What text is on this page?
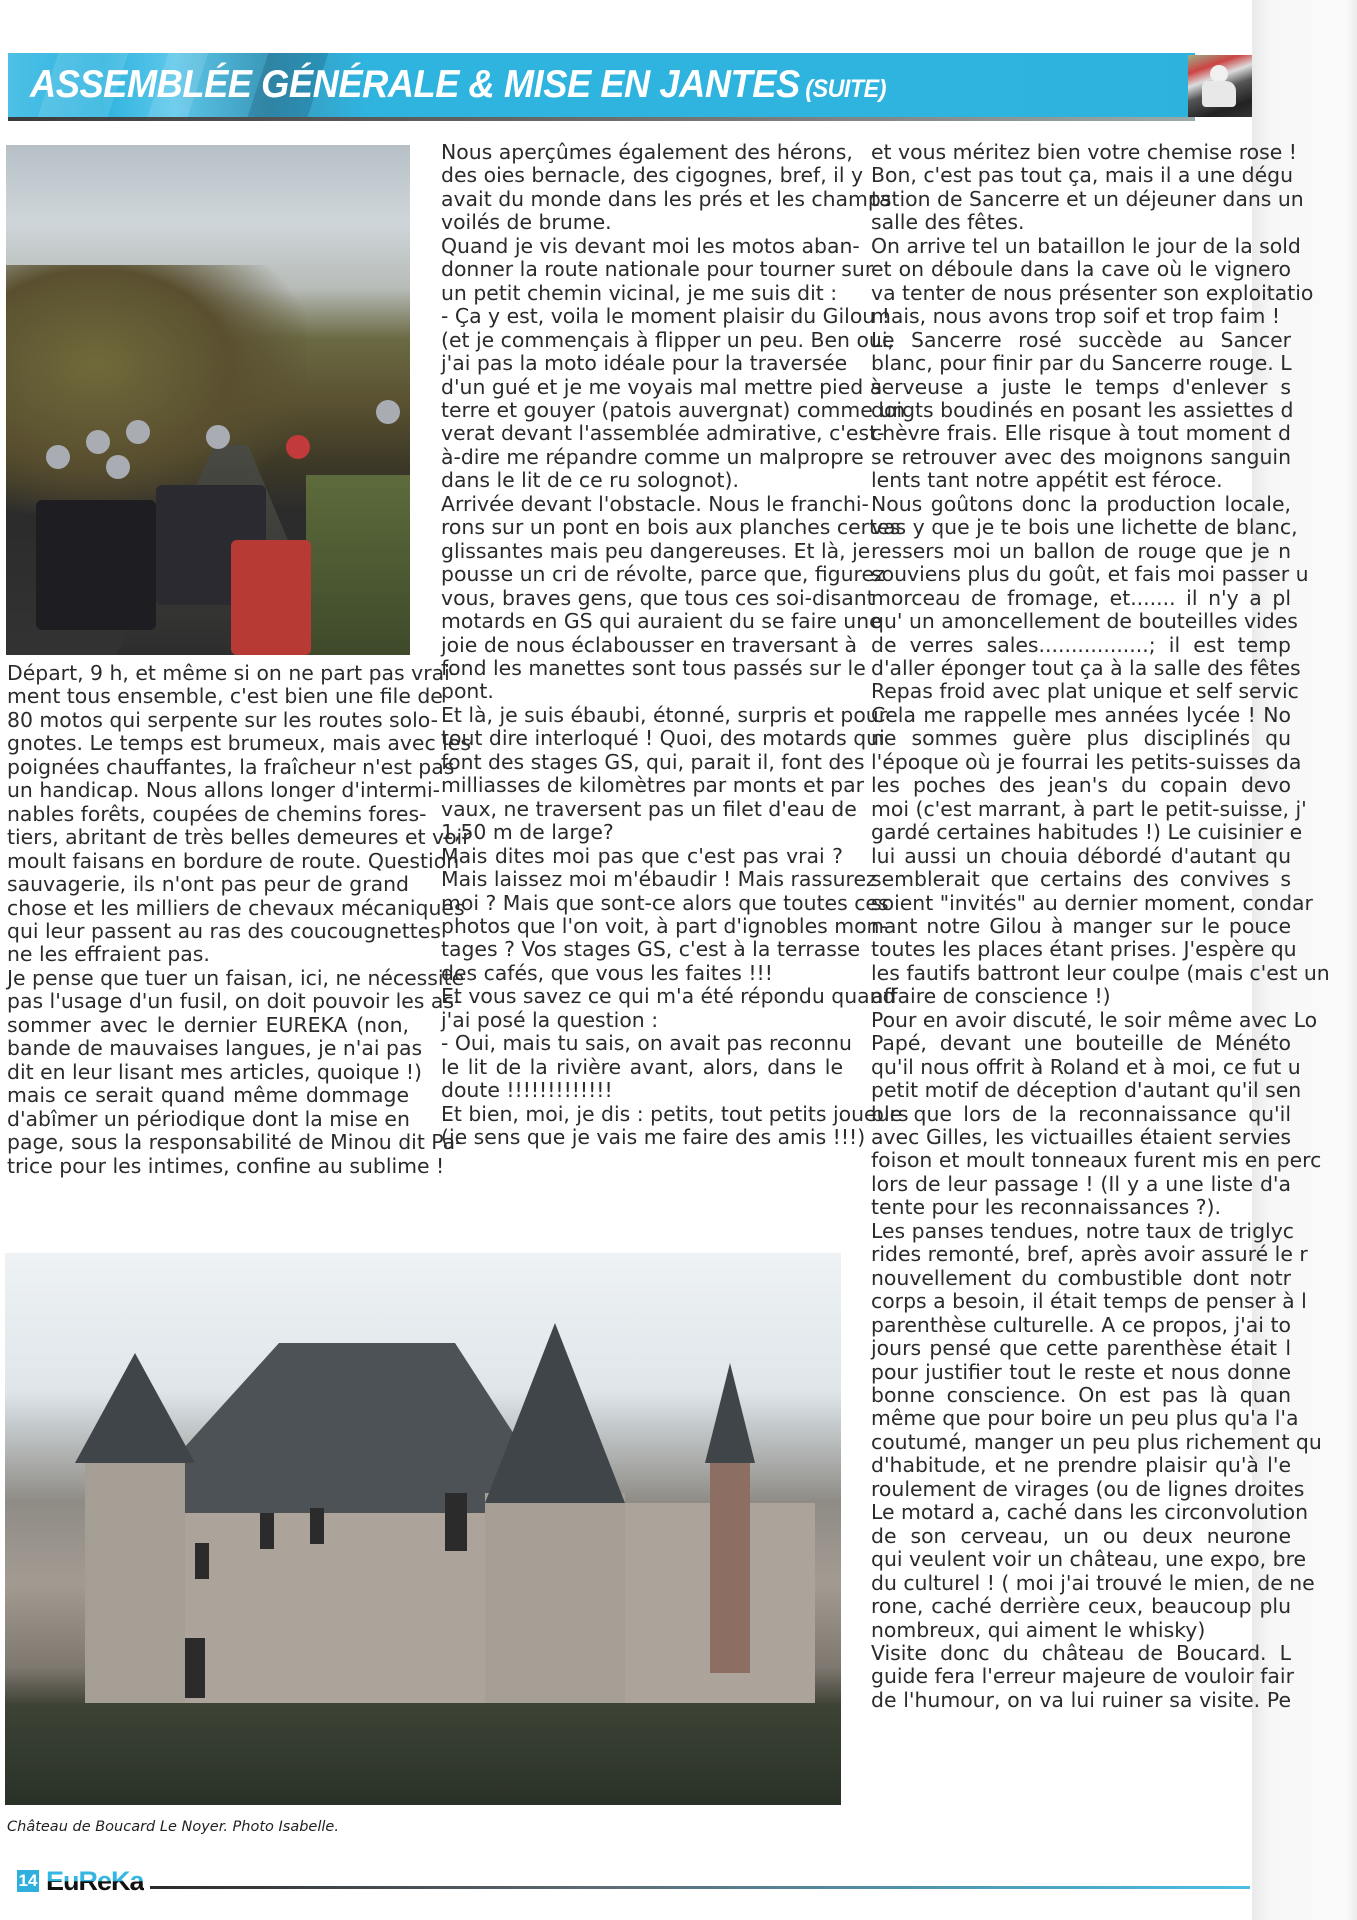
ASSEMBLÉE GÉNÉRALE & MISE EN JANTES (SUITE)
Départ, 9 h, et même si on ne part pas vrai-
ment tous ensemble, c'est bien une file de
80 motos qui serpente sur les routes solo-
gnotes. Le temps est brumeux, mais avec les
poignées chauffantes, la fraîcheur n'est pas
un handicap. Nous allons longer d'intermi-
nables forêts, coupées de chemins fores-
tiers, abritant de très belles demeures et voir
moult faisans en bordure de route. Question
sauvagerie, ils n'ont pas peur de grand
chose et les milliers de chevaux mécaniques
qui leur passent au ras des coucougnettes
ne les effraient pas.
Je pense que tuer un faisan, ici, ne nécessite
pas l'usage d'un fusil, on doit pouvoir les as-
sommer avec le dernier EUREKA (non,
bande de mauvaises langues, je n'ai pas
dit en leur lisant mes articles, quoique !)
mais ce serait quand même dommage
d'abîmer un périodique dont la mise en
page, sous la responsabilité de Minou dit Pa-
trice pour les intimes, confine au sublime !
Nous aperçûmes également des hérons,
des oies bernacle, des cigognes, bref, il y
avait du monde dans les prés et les champs
voilés de brume.
Quand je vis devant moi les motos aban-
donner la route nationale pour tourner sur
un petit chemin vicinal, je me suis dit :
- Ça y est, voila le moment plaisir du Gilou !
(et je commençais à flipper un peu. Ben oui,
j'ai pas la moto idéale pour la traversée
d'un gué et je me voyais mal mettre pied à
terre et gouyer (patois auvergnat) comme un
verat devant l'assemblée admirative, c'est-
à-dire me répandre comme un malpropre
dans le lit de ce ru solognot).
Arrivée devant l'obstacle. Nous le franchi-
rons sur un pont en bois aux planches certes
glissantes mais peu dangereuses. Et là, je
pousse un cri de révolte, parce que, figurez
vous, braves gens, que tous ces soi-disant
motards en GS qui auraient du se faire une
joie de nous éclabousser en traversant à
fond les manettes sont tous passés sur le
pont.
Et là, je suis ébaubi, étonné, surpris et pour
tout dire interloqué ! Quoi, des motards qui
font des stages GS, qui, parait il, font des
milliasses de kilomètres par monts et par
vaux, ne traversent pas un filet d'eau de
1,50 m de large?
Mais dites moi pas que c'est pas vrai ?
Mais laissez moi m'ébaudir ! Mais rassurez
moi ? Mais que sont-ce alors que toutes ces
photos que l'on voit, à part d'ignobles mon-
tages ? Vos stages GS, c'est à la terrasse
des cafés, que vous les faites !!!
Et vous savez ce qui m'a été répondu quand
j'ai posé la question :
- Oui, mais tu sais, on avait pas reconnu
le lit de la rivière avant, alors, dans le
doute !!!!!!!!!!!!!
Et bien, moi, je dis : petits, tout petits joueurs
(je sens que je vais me faire des amis !!!)
et vous méritez bien votre chemise rose !
Bon, c'est pas tout ça, mais il a une dégu
tation de Sancerre et un déjeuner dans un
salle des fêtes.
On arrive tel un bataillon le jour de la sold
et on déboule dans la cave où le vignero
va tenter de nous présenter son exploitatio
mais, nous avons trop soif et trop faim !
Le Sancerre rosé succède au Sancer
blanc, pour finir par du Sancerre rouge. L
serveuse a juste le temps d'enlever s
doigts boudinés en posant les assiettes d
chèvre frais. Elle risque à tout moment d
se retrouver avec des moignons sanguin
lents tant notre appétit est féroce.
Nous goûtons donc la production locale,
vas y que je te bois une lichette de blanc,
ressers moi un ballon de rouge que je n
souviens plus du goût, et fais moi passer u
morceau de fromage, et....... il n'y a pl
qu' un amoncellement de bouteilles vides
de verres sales.................; il est temp
d'aller éponger tout ça à la salle des fêtes
Repas froid avec plat unique et self servic
Cela me rappelle mes années lycée ! No
ne sommes guère plus disciplinés qu
l'époque où je fourrai les petits-suisses da
les poches des jean's du copain devo
moi (c'est marrant, à part le petit-suisse, j'
gardé certaines habitudes !) Le cuisinier e
lui aussi un chouia débordé d'autant qu
semblerait que certains des convives s
soient "invités" au dernier moment, condar
nant notre Gilou à manger sur le pouce
toutes les places étant prises. J'espère qu
les fautifs battront leur coulpe (mais c'est un
affaire de conscience !)
Pour en avoir discuté, le soir même avec Lo
Papé, devant une bouteille de Ménéto
qu'il nous offrit à Roland et à moi, ce fut u
petit motif de déception d'autant qu'il sen
ble que lors de la reconnaissance qu'il
avec Gilles, les victuailles étaient servies
foison et moult tonneaux furent mis en perc
lors de leur passage ! (Il y a une liste d'a
tente pour les reconnaissances ?).
Les panses tendues, notre taux de triglyc
rides remonté, bref, après avoir assuré le r
nouvellement du combustible dont notr
corps a besoin, il était temps de penser à l
parenthèse culturelle. A ce propos, j'ai to
jours pensé que cette parenthèse était l
pour justifier tout le reste et nous donne
bonne conscience. On est pas là quan
même que pour boire un peu plus qu'a l'a
coutumé, manger un peu plus richement qu
d'habitude, et ne prendre plaisir qu'à l'e
roulement de virages (ou de lignes droites
Le motard a, caché dans les circonvolution
de son cerveau, un ou deux neurone
qui veulent voir un château, une expo, bre
du culturel ! ( moi j'ai trouvé le mien, de ne
rone, caché derrière ceux, beaucoup plu
nombreux, qui aiment le whisky)
Visite donc du château de Boucard. L
guide fera l'erreur majeure de vouloir fair
de l'humour, on va lui ruiner sa visite. Pe
Château de Boucard Le Noyer. Photo Isabelle.
14 EuReKa
